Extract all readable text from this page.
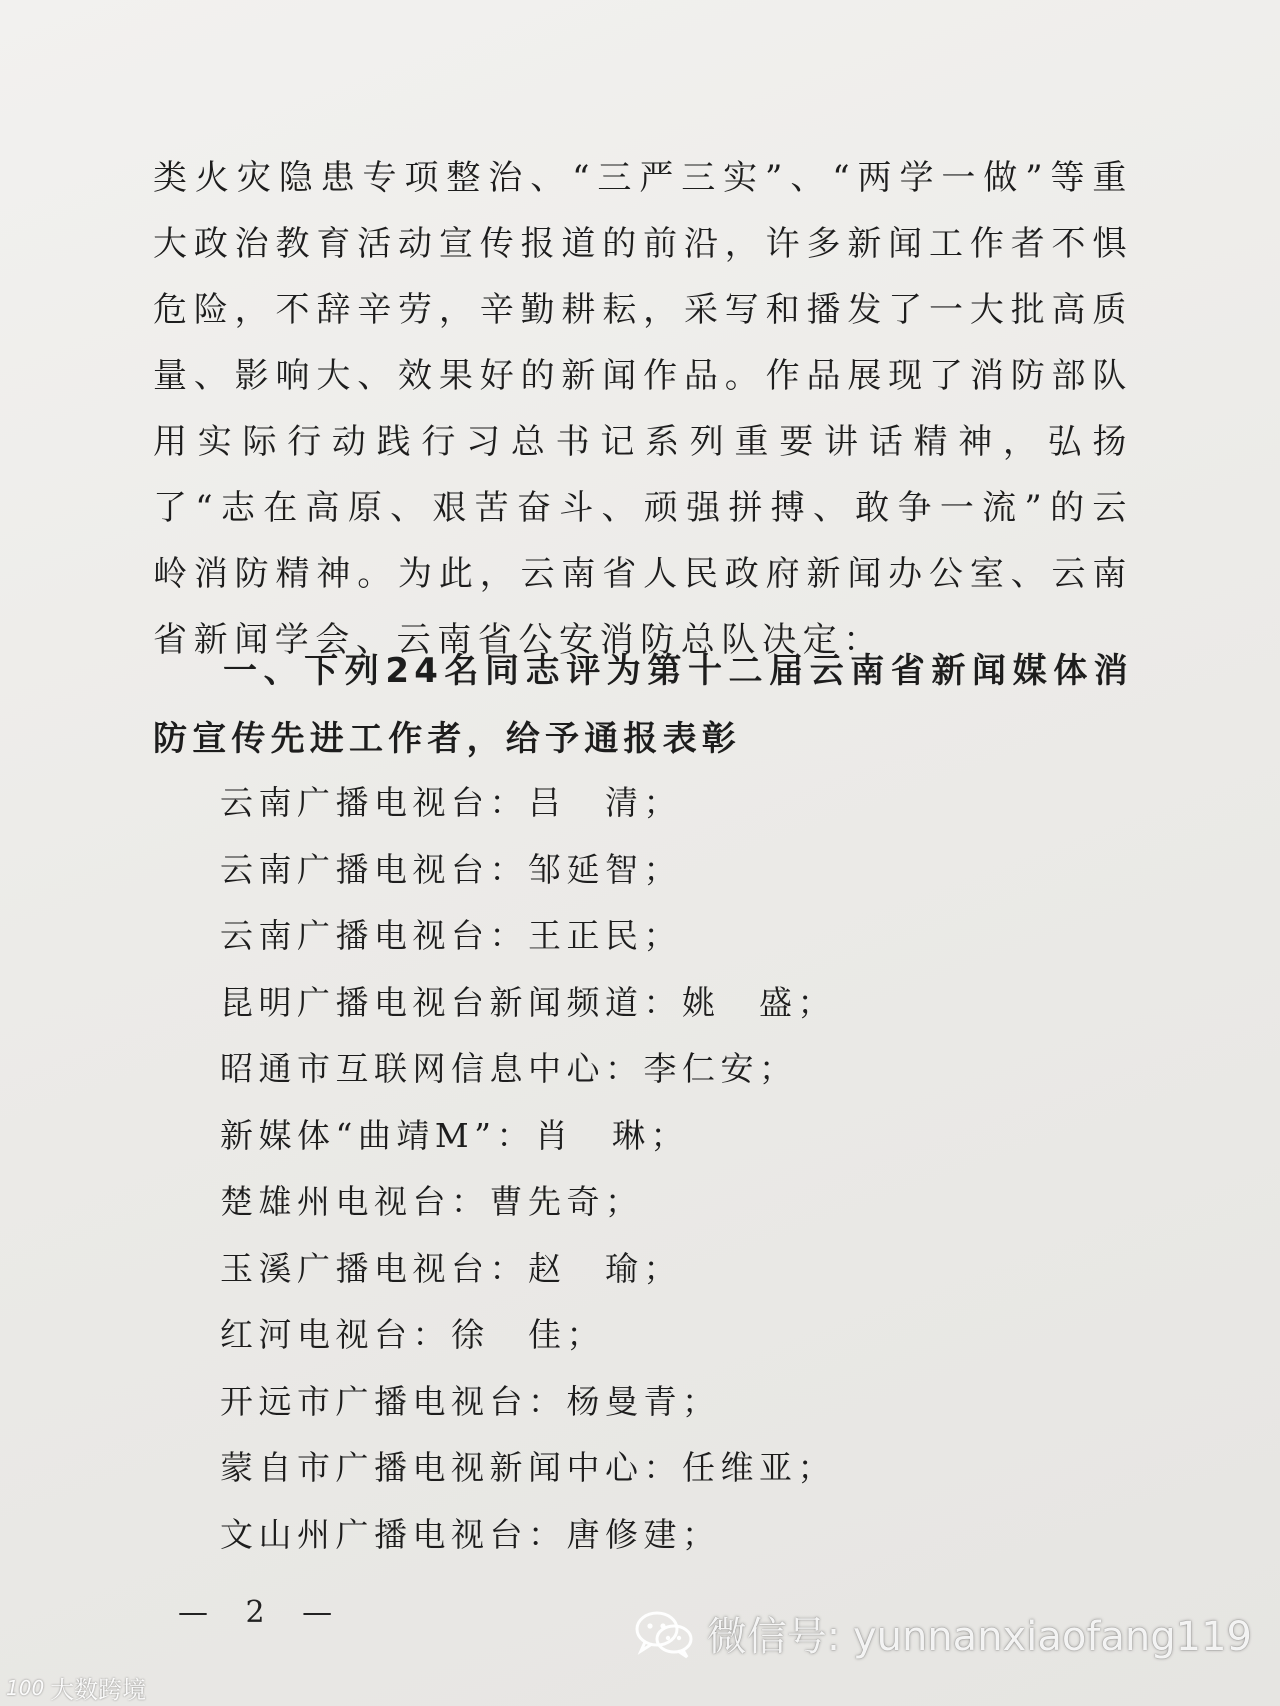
类火灾隐患专项整治、“三严三实”、“两学一做”等重大政治教育活动宣传报道的前沿，许多新闻工作者不惧危险，不辞辛劳，辛勤耕耘，采写和播发了一大批高质量、影响大、效果好的新闻作品。作品展现了消防部队用实际行动践行习总书记系列重要讲话精神，弘扬了“志在高原、艰苦奋斗、顽强拼搏、敢争一流”的云岭消防精神。为此，云南省人民政府新闻办公室、云南省新闻学会、云南省公安消防总队决定：

一、下列24名同志评为第十二届云南省新闻媒体消防宣传先进工作者，给予通报表彰

云南广播电视台：吕　清；
云南广播电视台：邹延智；
云南广播电视台：王正民；
昆明广播电视台新闻频道：姚　盛；
昭通市互联网信息中心：李仁安；
新媒体“曲靖M”：肖　琳；
楚雄州电视台：曹先奇；
玉溪广播电视台：赵　瑜；
红河电视台：徐　佳；
开远市广播电视台：杨曼青；
蒙自市广播电视新闻中心：任维亚；
文山州广播电视台：唐修建；
— 2 —
微信号: yunnanxiaofang119
100 大数跨境
